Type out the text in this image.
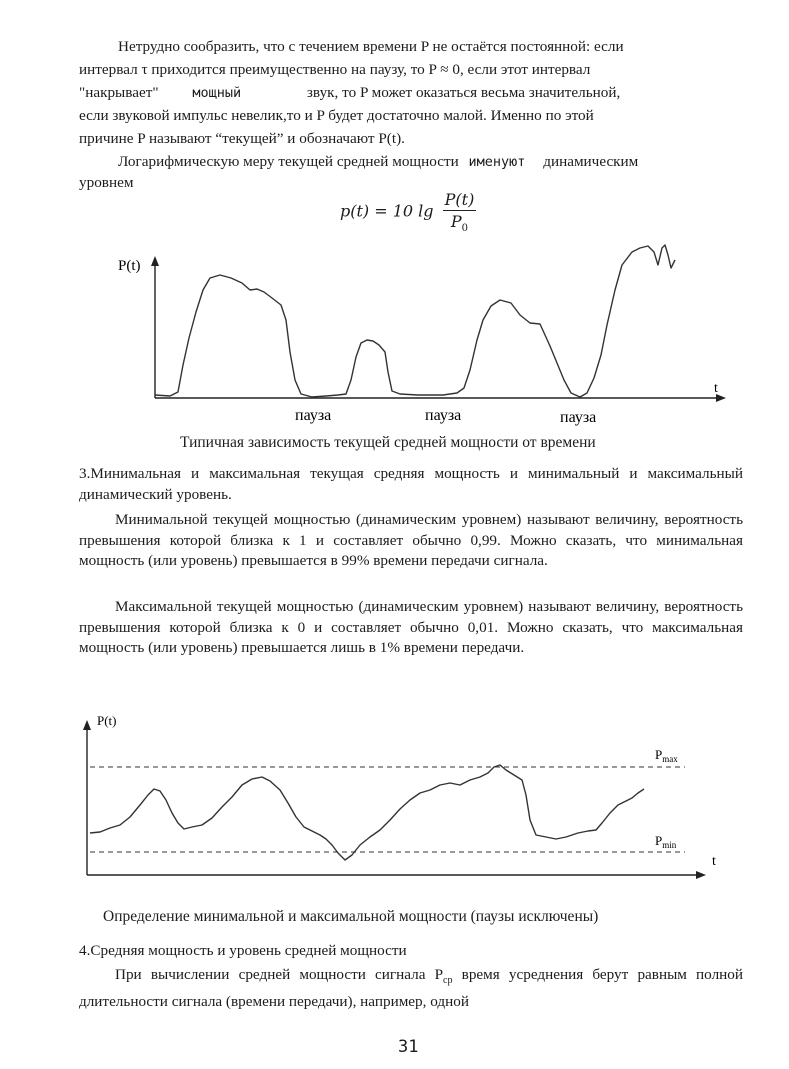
Нетрудно сообразить, что с течением времени P не остаётся постоянной: если
интервал τ приходится преимущественно на паузу, то P ≈ 0, если этот интервал
"накрывает"	мощный	звук, то P может оказаться весьма значительной,
если звуковой импульс невелик,то и P будет достаточно малой. Именно по этой
причине P называют “текущей” и обозначают P(t).
Логарифмическую меру текущей средней мощности именуют динамическим
уровнем
p(t) = 10 $\lg \frac{P(t)}{P_0}$
P(t)
t
пауза	пауза	пауза
Типичная зависимость текущей средней мощности от времени
3.Минимальная и максимальная текущая средняя мощность и минимальный и максимальный динамический уровень.
Минимальной текущей мощностью (динамическим уровнем) называют величину, вероятность превышения которой близка к 1 и составляет обычно 0,99. Можно сказать, что минимальная мощность (или уровень) превышается в 99% времени передачи сигнала.
Максимальной текущей мощностью (динамическим уровнем) называют величину, вероятность превышения которой близка к 0 и составляет обычно 0,01. Можно сказать, что максимальная мощность (или уровень) превышается лишь в 1% времени передачи.
P(t)
t
$P_{max}$
$P_{min}$
Определение минимальной и максимальной мощности (паузы исключены)
4.Средняя мощность и уровень средней мощности
При вычислении средней мощности сигнала $P_{ср}$ время усреднения берут равным полной длительности сигнала (времени передачи), например, одной
31
